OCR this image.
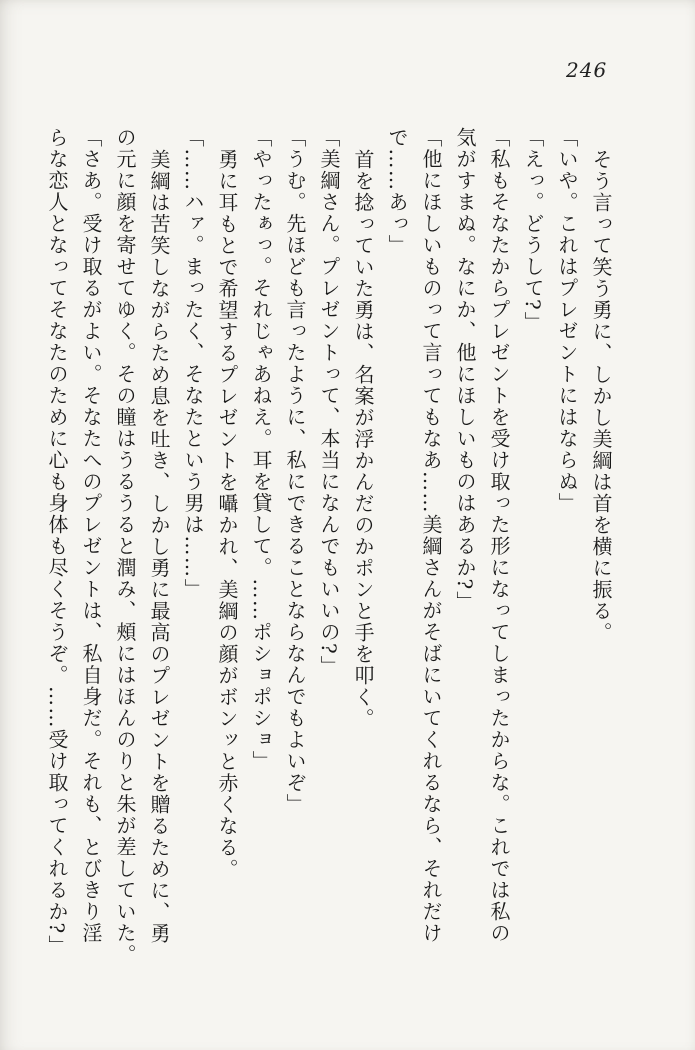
246
そう言って笑う勇に、しかし美綱は首を横に振る。
「いや。これはプレゼントにはならぬ」
「えっ。どうして?」
「私もそなたからプレゼントを受け取った形になってしまったからな。これでは私の
気がすまぬ。なにか、他にほしいものはあるか?」
「他にほしいものって言ってもなあ……美綱さんがそばにいてくれるなら、それだけ
で……あっ」
首を捻っていた勇は、名案が浮かんだのかポンと手を叩く。
「美綱さん。プレゼントって、本当になんでもいいの?」
「うむ。先ほども言ったように、私にできることならなんでもよいぞ」
「やったぁっ。それじゃあねえ。耳を貸して。……ポショポショ」
勇に耳もとで希望するプレゼントを囁かれ、美綱の顔がボンッと赤くなる。
「……ハァ。まったく、そなたという男は……」
美綱は苦笑しながらため息を吐き、しかし勇に最高のプレゼントを贈るために、勇
の元に顔を寄せてゆく。その瞳はうるうると潤み、頰にはほんのりと朱が差していた。
「さあ。受け取るがよい。そなたへのプレゼントは、私自身だ。それも、とびきり淫
らな恋人となってそなたのために心も身体も尽くそうぞ。……受け取ってくれるか?」
